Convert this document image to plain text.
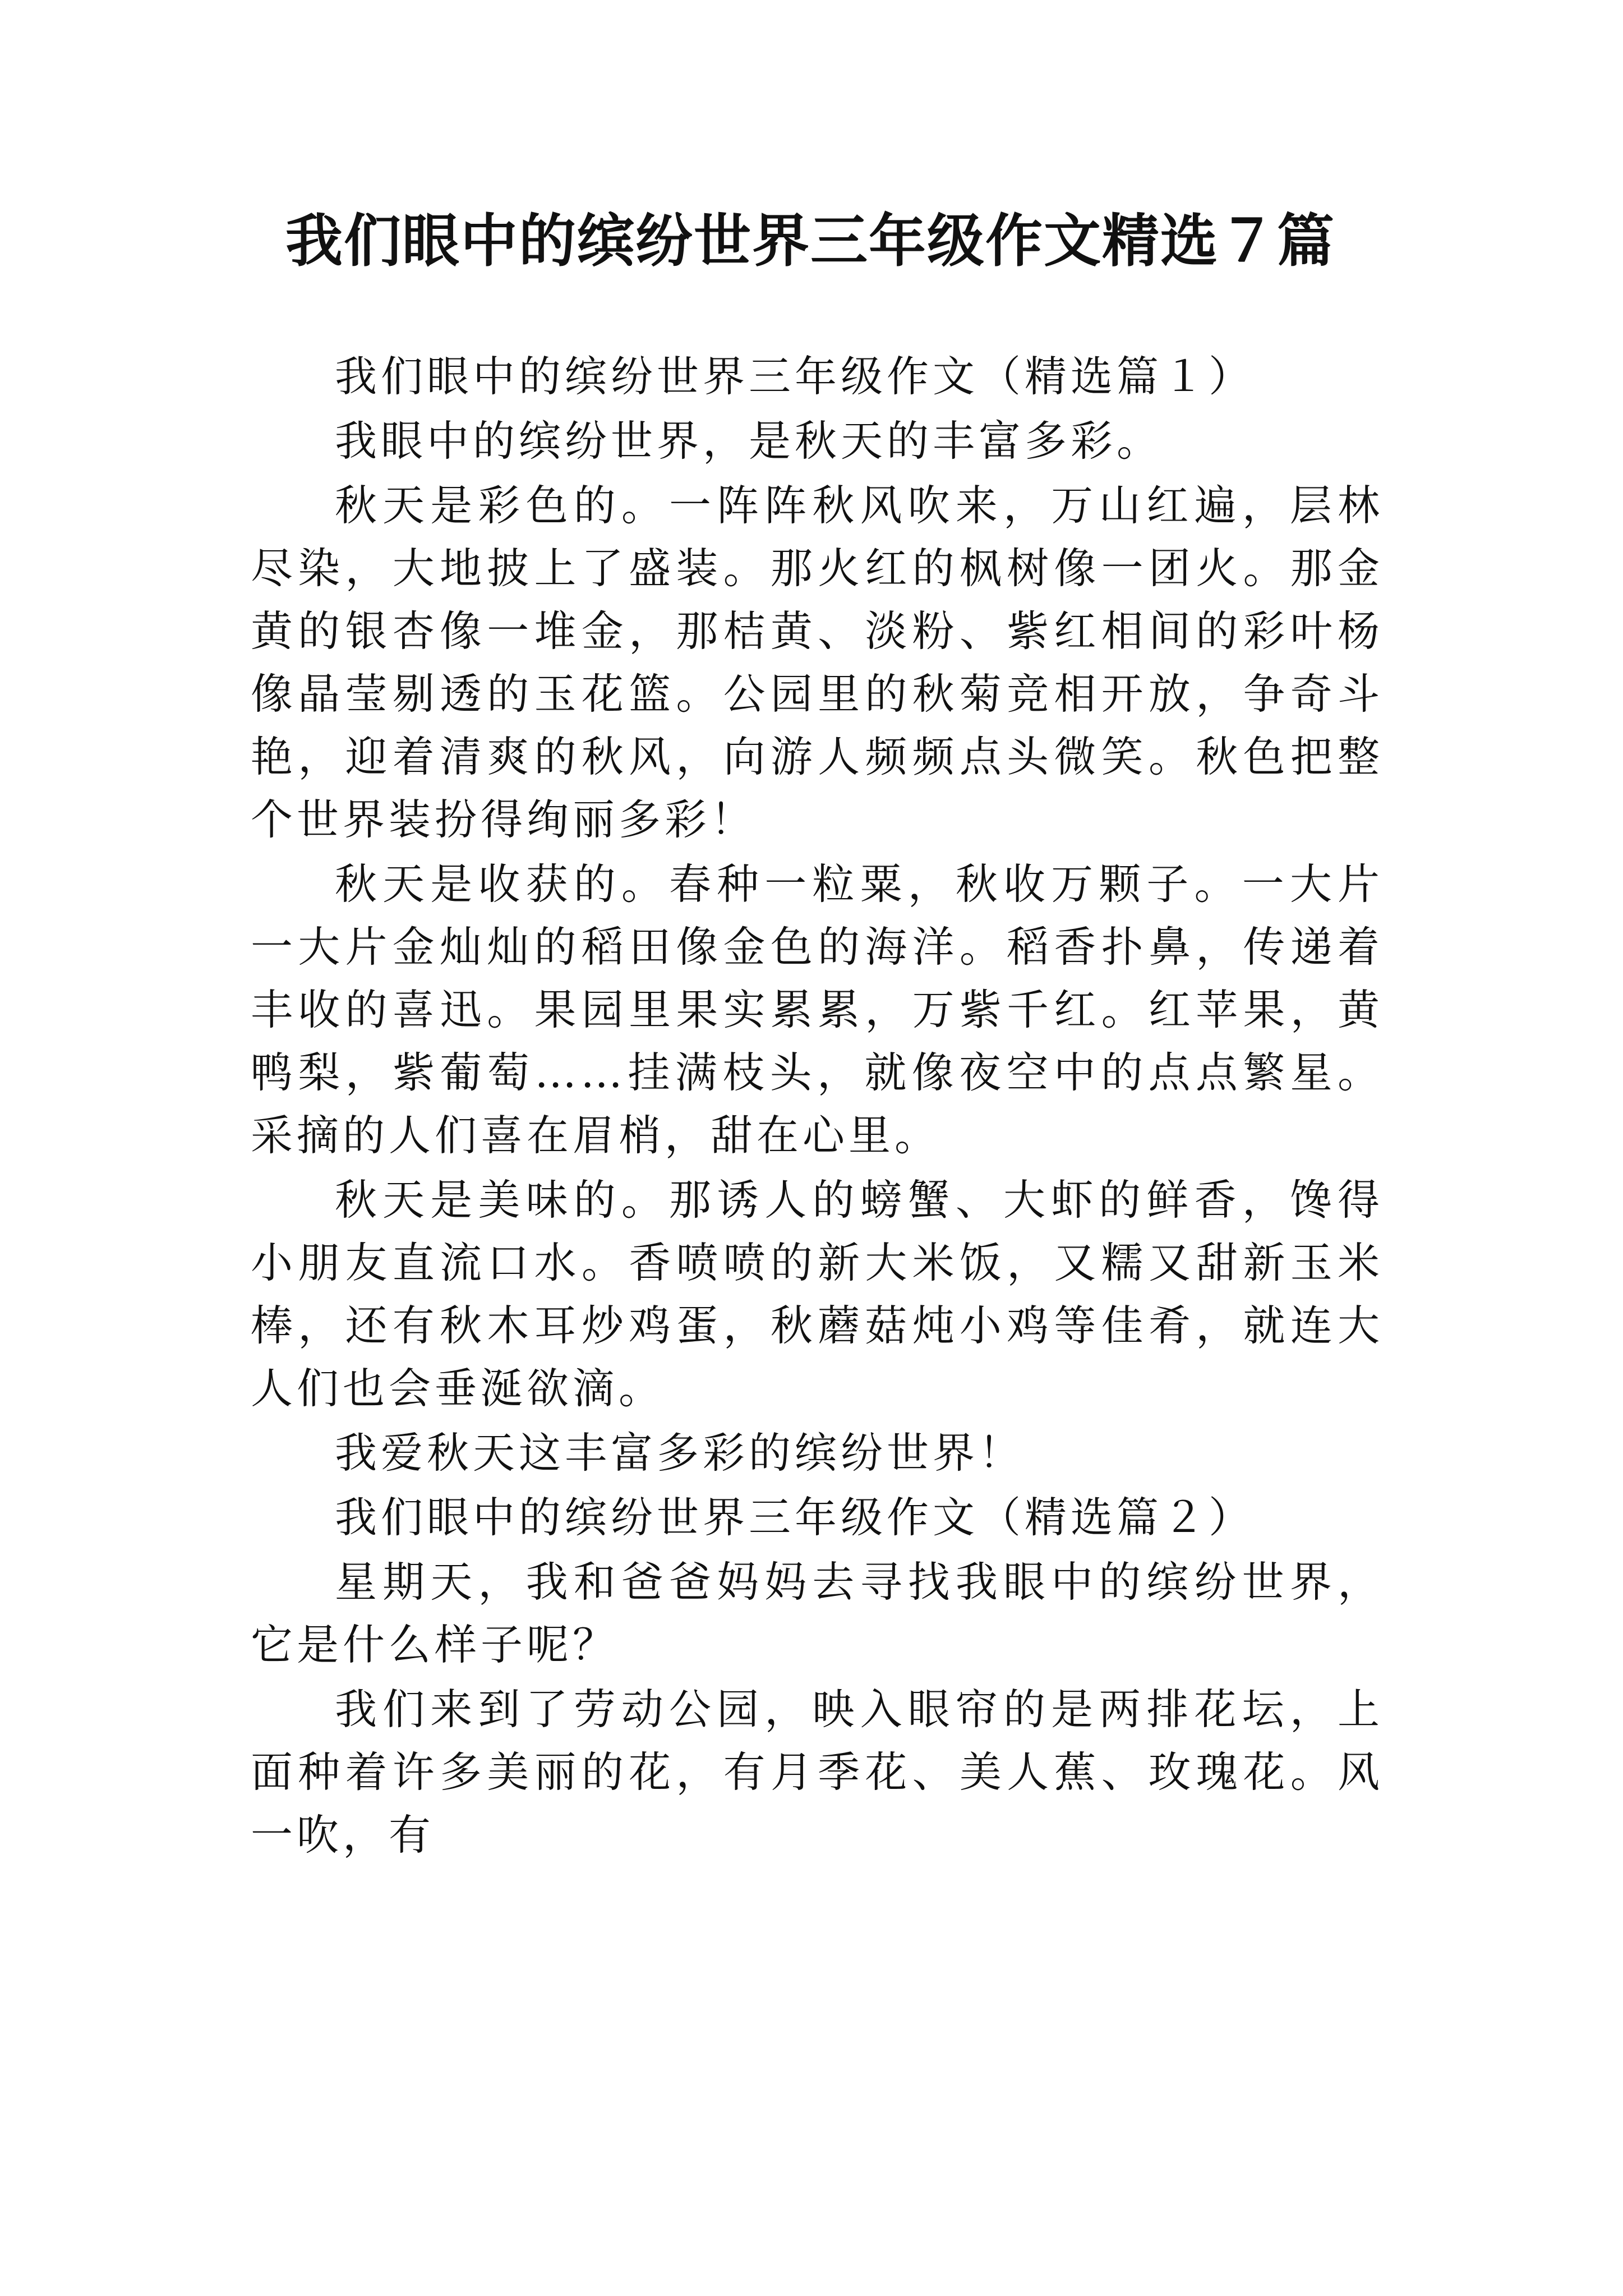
我们眼中的缤纷世界三年级作文精选７篇

我们眼中的缤纷世界三年级作文（精选篇１）

我眼中的缤纷世界，是秋天的丰富多彩。

秋天是彩色的。一阵阵秋风吹来，万山红遍，层林尽染，大地披上了盛装。那火红的枫树像一团火。那金黄的银杏像一堆金，那桔黄、淡粉、紫红相间的彩叶杨像晶莹剔透的玉花篮。公园里的秋菊竞相开放，争奇斗艳，迎着清爽的秋风，向游人频频点头微笑。秋色把整个世界装扮得绚丽多彩！

秋天是收获的。春种一粒粟，秋收万颗子。一大片一大片金灿灿的稻田像金色的海洋。稻香扑鼻，传递着丰收的喜迅。果园里果实累累，万紫千红。红苹果，黄鸭梨，紫葡萄……挂满枝头，就像夜空中的点点繁星。采摘的人们喜在眉梢，甜在心里。

秋天是美味的。那诱人的螃蟹、大虾的鲜香，馋得小朋友直流口水。香喷喷的新大米饭，又糯又甜新玉米棒，还有秋木耳炒鸡蛋，秋蘑菇炖小鸡等佳肴，就连大人们也会垂涎欲滴。

我爱秋天这丰富多彩的缤纷世界！

我们眼中的缤纷世界三年级作文（精选篇２）

星期天，我和爸爸妈妈去寻找我眼中的缤纷世界，它是什么样子呢？

我们来到了劳动公园，映入眼帘的是两排花坛，上面种着许多美丽的花，有月季花、美人蕉、玫瑰花。风一吹，有
